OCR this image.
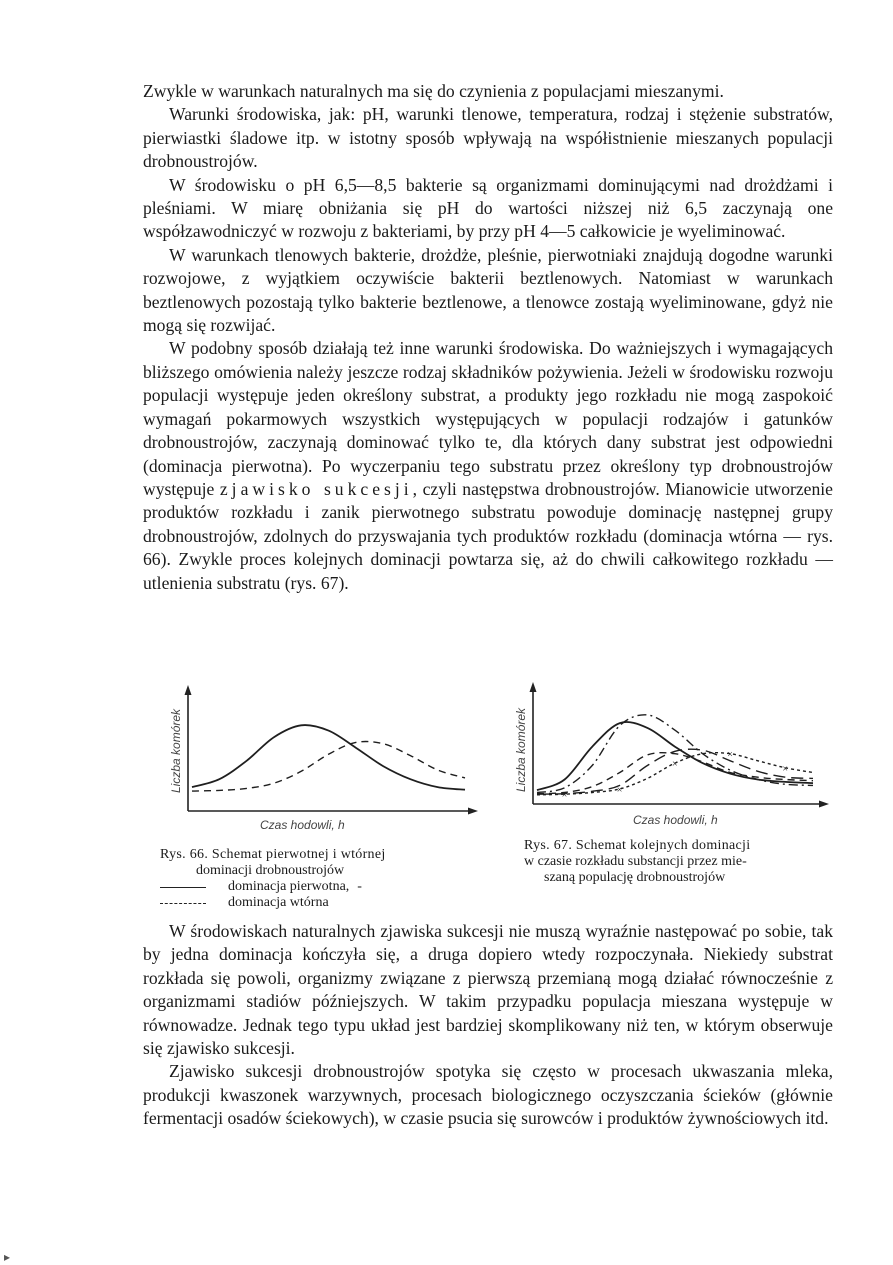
Zwykle w warunkach naturalnych ma się do czynienia z populacjami mieszanymi.

Warunki środowiska, jak: pH, warunki tlenowe, temperatura, rodzaj i stężenie substratów, pierwiastki śladowe itp. w istotny sposób wpływają na współistnienie mieszanych populacji drobnoustrojów.

W środowisku o pH 6,5—8,5 bakterie są organizmami dominującymi nad drożdżami i pleśniami. W miarę obniżania się pH do wartości niższej niż 6,5 zaczynają one współzawodniczyć w rozwoju z bakteriami, by przy pH 4—5 całkowicie je wyeliminować.

W warunkach tlenowych bakterie, drożdże, pleśnie, pierwotniaki znajdują dogodne warunki rozwojowe, z wyjątkiem oczywiście bakterii beztlenowych. Natomiast w warunkach beztlenowych pozostają tylko bakterie beztlenowe, a tlenowce zostają wyeliminowane, gdyż nie mogą się rozwijać.

W podobny sposób działają też inne warunki środowiska. Do ważniejszych i wymagających bliższego omówienia należy jeszcze rodzaj składników pożywienia. Jeżeli w środowisku rozwoju populacji występuje jeden określony substrat, a produkty jego rozkładu nie mogą zaspokoić wymagań pokarmowych wszystkich występujących w populacji rodzajów i gatunków drobnoustrojów, zaczynają dominować tylko te, dla których dany substrat jest odpowiedni (dominacja pierwotna). Po wyczerpaniu tego substratu przez określony typ drobnoustrojów występuje zjawisko sukcesji, czyli następstwa drobnoustrojów. Mianowicie utworzenie produktów rozkładu i zanik pierwotnego substratu powoduje dominację następnej grupy drobnoustrojów, zdolnych do przyswajania tych produktów rozkładu (dominacja wtórna — rys. 66). Zwykle proces kolejnych dominacji powtarza się, aż do chwili całkowitego rozkładu — utlenienia substratu (rys. 67).

Liczba komórek
Czas hodowli, h
Rys. 66. Schemat pierwotnej i wtórnej
dominacji drobnoustrojów
dominacja pierwotna, -
dominacja wtórna
Liczba komórek
Czas hodowli, h
×	×
×
×
×
Rys. 67. Schemat kolejnych dominacji
w czasie rozkładu substancji przez mie-
szaną populację drobnoustrojów

W środowiskach naturalnych zjawiska sukcesji nie muszą wyraźnie następować po sobie, tak by jedna dominacja kończyła się, a druga dopiero wtedy rozpoczynała. Niekiedy substrat rozkłada się powoli, organizmy związane z pierwszą przemianą mogą działać równocześnie z organizmami stadiów późniejszych. W takim przypadku populacja mieszana występuje w równowadze. Jednak tego typu układ jest bardziej skomplikowany niż ten, w którym obserwuje się zjawisko sukcesji.

Zjawisko sukcesji drobnoustrojów spotyka się często w procesach ukwaszania mleka, produkcji kwaszonek warzywnych, procesach biologicznego oczyszczania ścieków (głównie fermentacji osadów ściekowych), w czasie psucia się surowców i produktów żywnościowych itd.

▸
